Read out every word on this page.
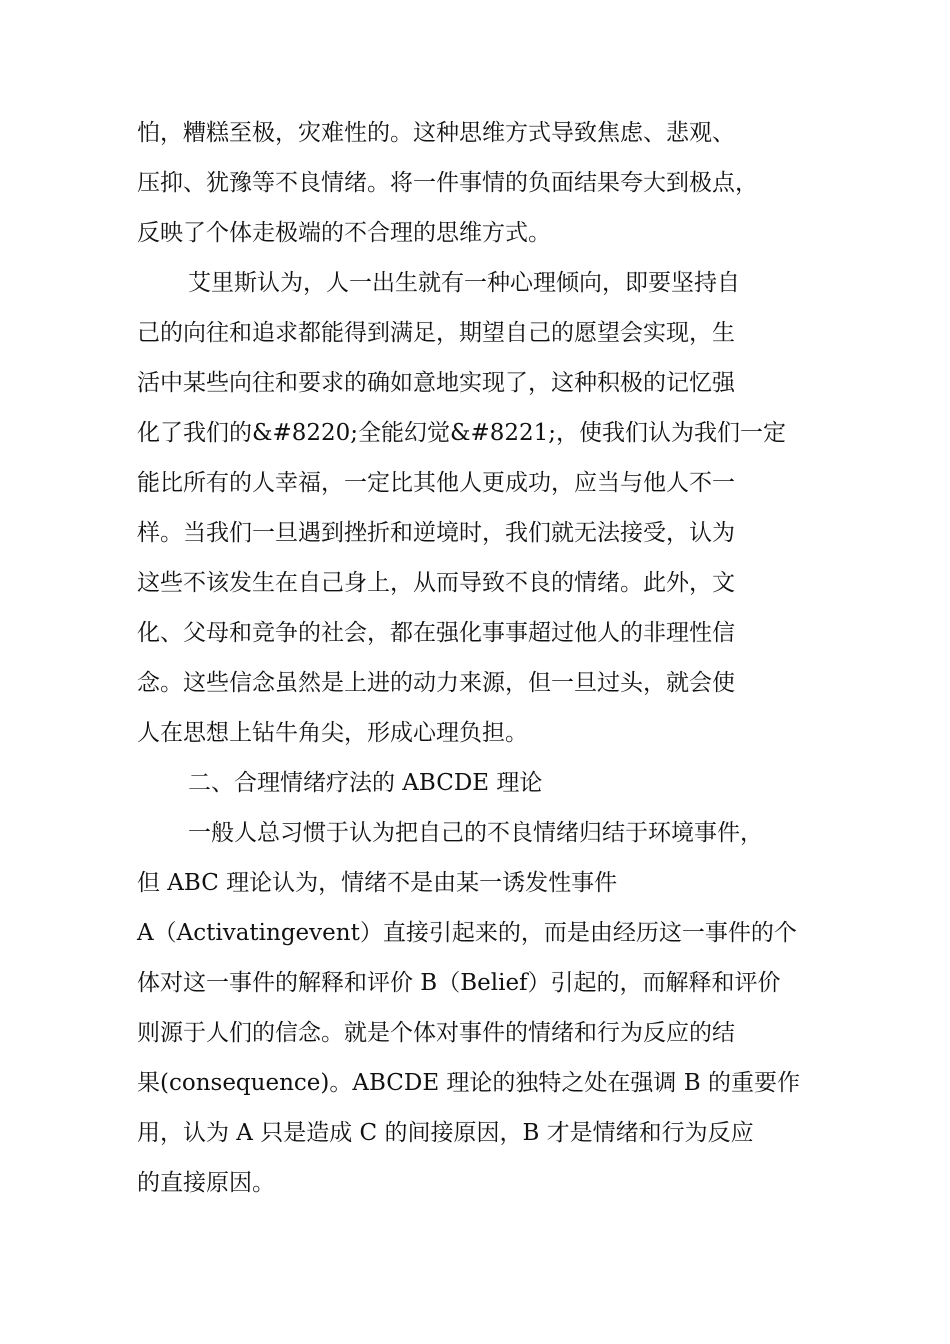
怕，糟糕至极，灾难性的。这种思维方式导致焦虑、悲观、
压抑、犹豫等不良情绪。将一件事情的负面结果夸大到极点，
反映了个体走极端的不合理的思维方式。
艾里斯认为，人一出生就有一种心理倾向，即要坚持自
己的向往和追求都能得到满足，期望自己的愿望会实现，生
活中某些向往和要求的确如意地实现了，这种积极的记忆强
化了我们的&#8220;全能幻觉&#8221;，使我们认为我们一定
能比所有的人幸福，一定比其他人更成功，应当与他人不一
样。当我们一旦遇到挫折和逆境时，我们就无法接受，认为
这些不该发生在自己身上，从而导致不良的情绪。此外，文
化、父母和竞争的社会，都在强化事事超过他人的非理性信
念。这些信念虽然是上进的动力来源，但一旦过头，就会使
人在思想上钻牛角尖，形成心理负担。
二、合理情绪疗法的 ABCDE 理论
一般人总习惯于认为把自己的不良情绪归结于环境事件，
但 ABC 理论认为，情绪不是由某一诱发性事件
A（Activatingevent）直接引起来的，而是由经历这一事件的个
体对这一事件的解释和评价 B（Belief）引起的，而解释和评价
则源于人们的信念。就是个体对事件的情绪和行为反应的结
果(consequence)。ABCDE 理论的独特之处在强调 B 的重要作
用，认为 A 只是造成 C 的间接原因，B 才是情绪和行为反应
的直接原因。
